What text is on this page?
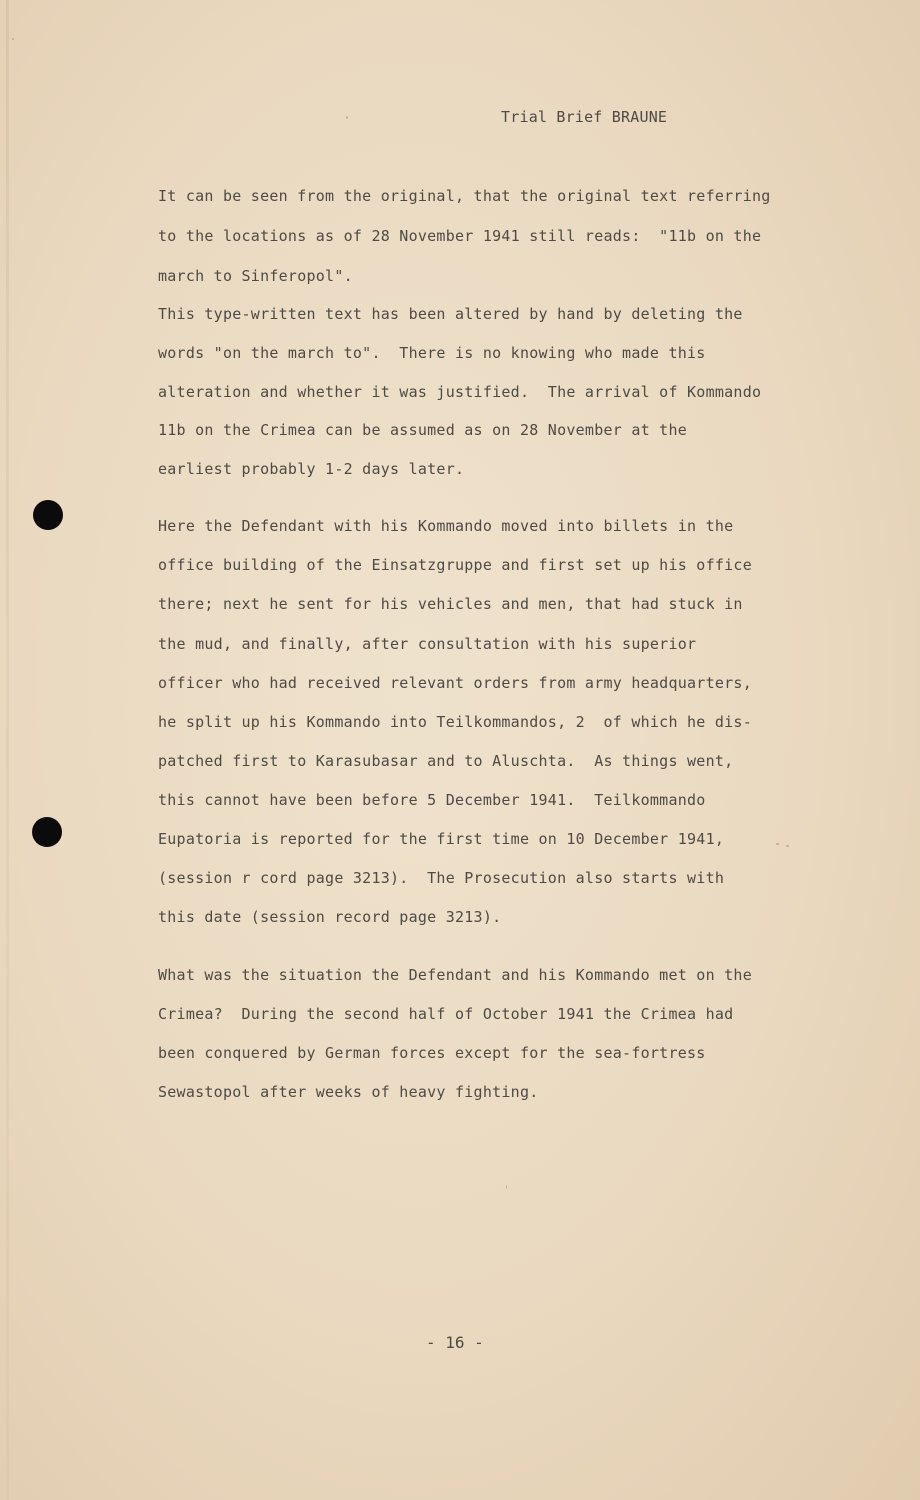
Trial Brief BRAUNE
It can be seen from the original, that the original text referring
to the locations as of 28 November 1941 still reads:  "11b on the
march to Sinferopol".
This type-written text has been altered by hand by deleting the
words "on the march to".  There is no knowing who made this
alteration and whether it was justified.  The arrival of Kommando
11b on the Crimea can be assumed as on 28 November at the
earliest probably 1-2 days later.
Here the Defendant with his Kommando moved into billets in the
office building of the Einsatzgruppe and first set up his office
there; next he sent for his vehicles and men, that had stuck in
the mud, and finally, after consultation with his superior
officer who had received relevant orders from army headquarters,
he split up his Kommando into Teilkommandos, 2  of which he dis-
patched first to Karasubasar and to Aluschta.  As things went,
this cannot have been before 5 December 1941.  Teilkommando
Eupatoria is reported for the first time on 10 December 1941,
(session r cord page 3213).  The Prosecution also starts with
this date (session record page 3213).
What was the situation the Defendant and his Kommando met on the
Crimea?  During the second half of October 1941 the Crimea had
been conquered by German forces except for the sea-fortress
Sewastopol after weeks of heavy fighting.
- 16 -
